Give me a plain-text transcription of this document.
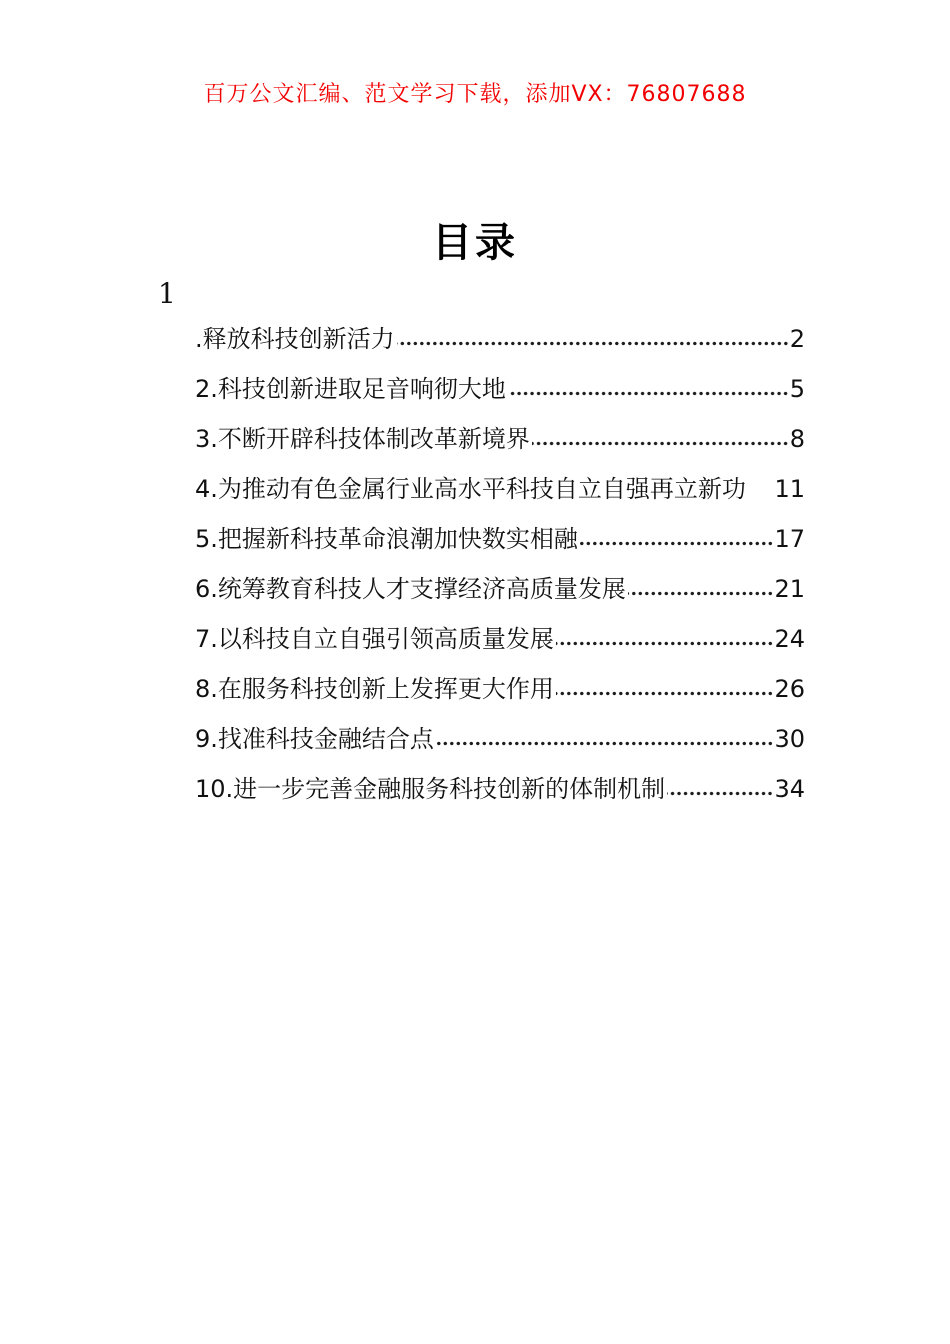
百万公文汇编、范文学习下载，添加VX：76807688
目录
1
.释放科技创新活力	2
2.科技创新进取足音响彻大地	5
3.不断开辟科技体制改革新境界	8
4.为推动有色金属行业高水平科技自立自强再立新功 11
5.把握新科技革命浪潮加快数实相融	17
6.统筹教育科技人才支撑经济高质量发展	21
7.以科技自立自强引领高质量发展	24
8.在服务科技创新上发挥更大作用	26
9.找准科技金融结合点	30
10.进一步完善金融服务科技创新的体制机制	34
